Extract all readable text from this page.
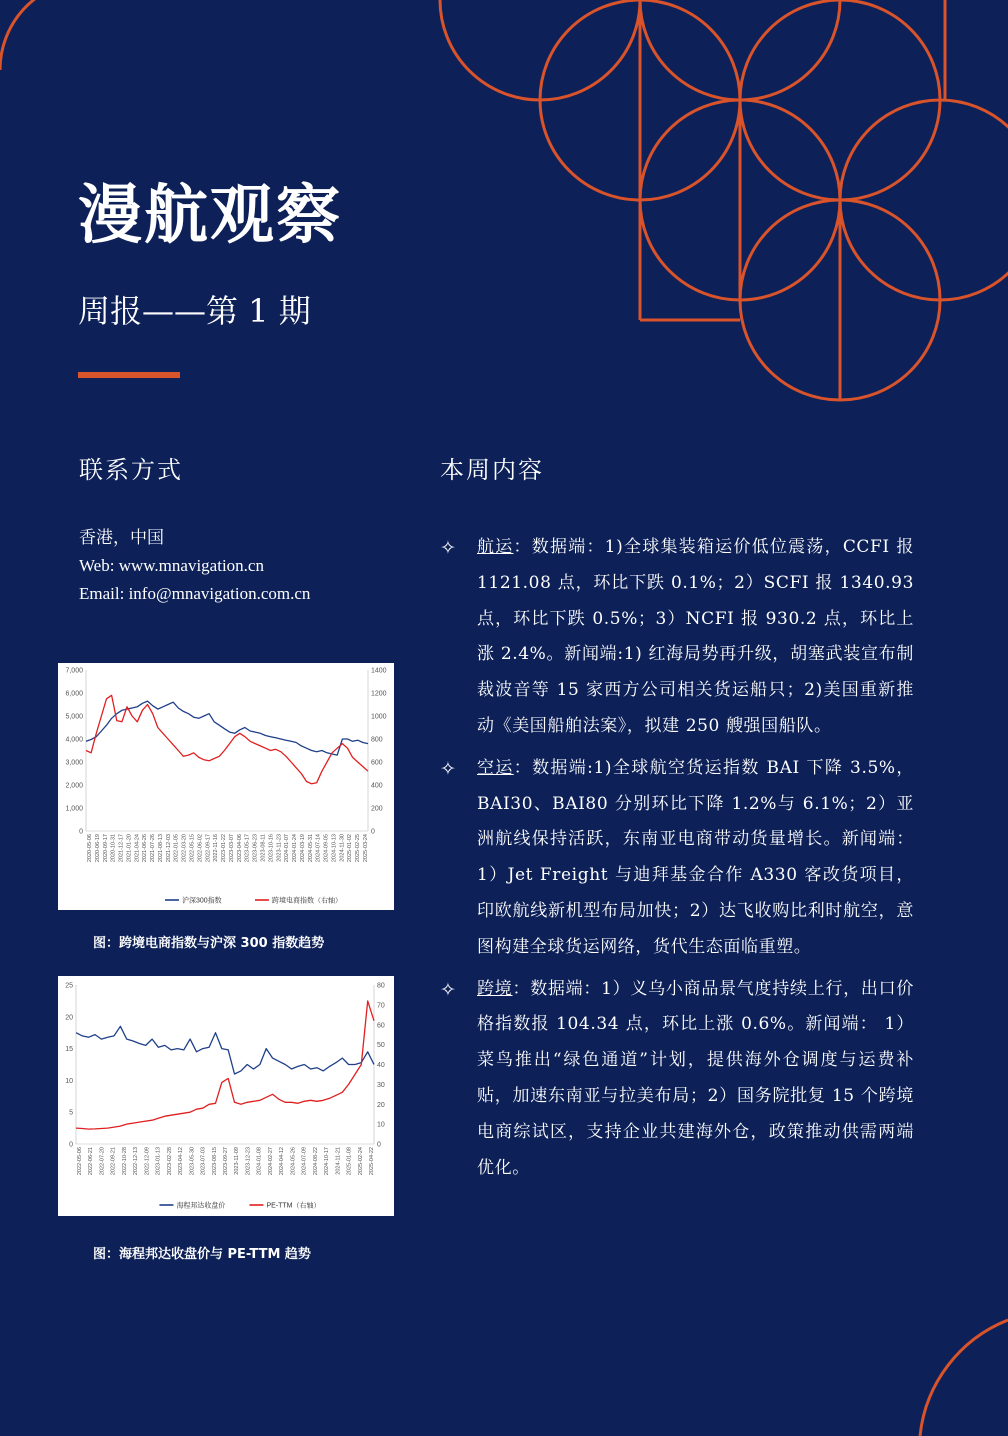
漫航观察
周报——第 1 期
联系方式	本周内容
香港，中国
Web: www.mnavigation.cn
Email: info@mnavigation.com.cn
7,000
6,000
5,000
4,000
3,000
2,000
1,000
0
1400
1200
1000
800
600
400
200
0
2020-05-06 2020-06-19 2020-09-17 2020-10-31 2021-12-17 2021-01-20 2021-04-24 2021-06-26 2021-07-26 2021-08-13 2021-12-03 2022-01-05 2022-03-20 2022-05-15 2022-06-02 2022-09-17 2022-11-16 2023-01-22 2023-03-07 2023-04-06 2023-05-17 2023-06-23 2023-08-11 2023-10-16 2023-11-23 2024-01-07 2024-01-24 2024-03-19 2024-05-31 2024-07-14 2024-09-05 2024-10-13 2024-11-30 2025-01-02 2025-02-25 2025-03-24
沪深300指数	跨境电商指数（右轴）
图：跨境电商指数与沪深 300 指数趋势
25
20
15
10
5
0
80
70
60
50
40
30
20
10
0
2022-05-06 2022-06-21 2022-07-20 2022-09-21 2022-10-28 2022-12-13 2022-12-09 2023-01-13 2023-02-28 2023-04-12 2023-05-30 2023-07-03 2023-08-15 2023-09-27 2023-11-09 2023-12-23 2024-01-08 2024-02-27 2024-04-12 2024-05-26 2024-07-09 2024-08-22 2024-10-17 2024-11-21 2025-01-08 2025-02-24 2025-04-22
海程邦达收盘价	PE-TTM（右轴）
图：海程邦达收盘价与 PE-TTM 趋势
✧ 航运：数据端：1)全球集装箱运价低位震荡，CCFI 报 1121.08 点，环比下跌 0.1%；2）SCFI 报 1340.93 点，环比下跌 0.5%；3）NCFI 报 930.2 点，环比上涨 2.4%。新闻端:1) 红海局势再升级，胡塞武装宣布制裁波音等 15 家西方公司相关货运船只；2)美国重新推动《美国船舶法案》，拟建 250 艘强国船队。
✧ 空运：数据端:1)全球航空货运指数 BAI 下降 3.5%，BAI30、BAI80 分别环比下降 1.2%与 6.1%；2）亚洲航线保持活跃，东南亚电商带动货量增长。新闻端：1）Jet Freight 与迪拜基金合作 A330 客改货项目，印欧航线新机型布局加快；2）达飞收购比利时航空，意图构建全球货运网络，货代生态面临重塑。
✧ 跨境：数据端：1）义乌小商品景气度持续上行，出口价格指数报 104.34 点，环比上涨 0.6%。新闻端： 1）菜鸟推出“绿色通道”计划，提供海外仓调度与运费补贴，加速东南亚与拉美布局；2）国务院批复 15 个跨境电商综试区，支持企业共建海外仓，政策推动供需两端优化。
